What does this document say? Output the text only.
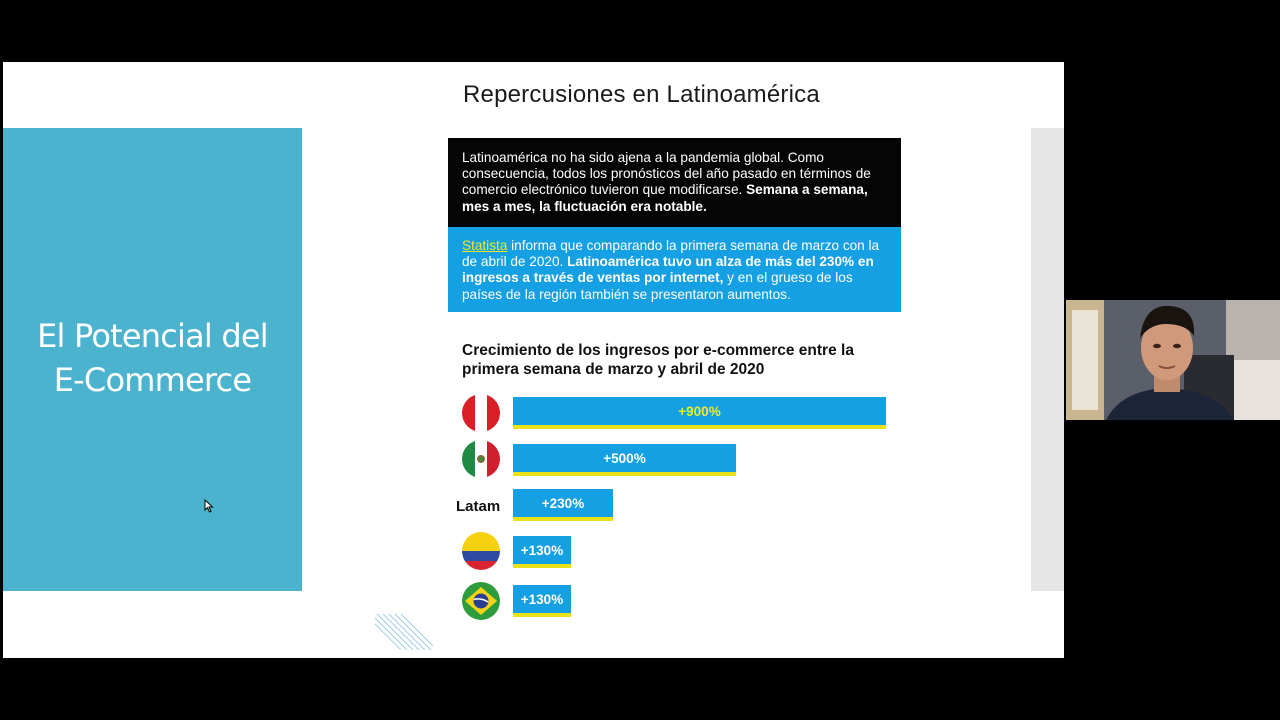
El Potencial del
E-Commerce
Repercusiones en Latinoamérica
Latinoamérica no ha sido ajena a la pandemia global. Como consecuencia, todos los pronósticos del año pasado en términos de comercio electrónico tuvieron que modificarse. Semana a semana, mes a mes, la fluctuación era notable.
Statista informa que comparando la primera semana de marzo con la de abril de 2020. Latinoamérica tuvo un alza de más del 230% en ingresos a través de ventas por internet, y en el grueso de los países de la región también se presentaron aumentos.
Crecimiento de los ingresos por e-commerce entre la primera semana de marzo y abril de 2020
Latam
+900%
+500%
+230%
+130%
+130%
